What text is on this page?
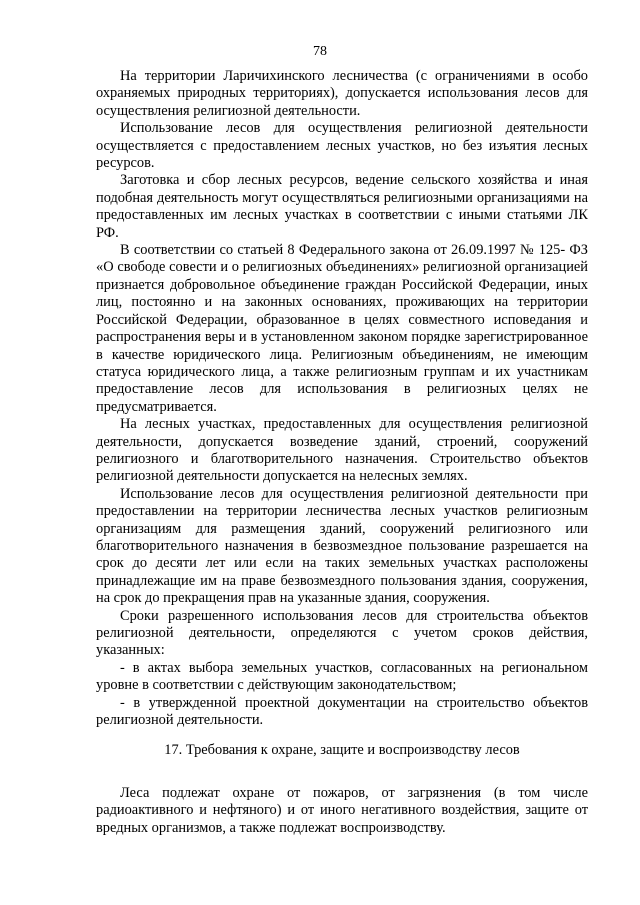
78

На территории Ларичихинского лесничества (с ограничениями в особо охраняемых природных территориях), допускается использования лесов для осуществления религиозной деятельности.

Использование лесов для осуществления религиозной деятельности осуществляется с предоставлением лесных участков, но без изъятия лесных ресурсов.

Заготовка и сбор лесных ресурсов, ведение сельского хозяйства и иная подобная деятельность могут осуществляться религиозными организациями на предоставленных им лесных участках в соответствии с иными статьями ЛК РФ.

В соответствии со статьей 8 Федерального закона от 26.09.1997 № 125- ФЗ «О свободе совести и о религиозных объединениях» религиозной организацией признается добровольное объединение граждан Российской Федерации, иных лиц, постоянно и на законных основаниях, проживающих на территории Российской Федерации, образованное в целях совместного исповедания и распространения веры и в установленном законом порядке зарегистрированное в качестве юридического лица. Религиозным объединениям, не имеющим статуса юридического лица, а также религиозным группам и их участникам предоставление лесов для использования в религиозных целях не предусматривается.

На лесных участках, предоставленных для осуществления религиозной деятельности, допускается возведение зданий, строений, сооружений религиозного и благотворительного назначения. Строительство объектов религиозной деятельности допускается на нелесных землях.

Использование лесов для осуществления религиозной деятельности при предоставлении на территории лесничества лесных участков религиозным организациям для размещения зданий, сооружений религиозного или благотворительного назначения в безвозмездное пользование разрешается на срок до десяти лет или если на таких земельных участках расположены принадлежащие им на праве безвозмездного пользования здания, сооружения, на срок до прекращения прав на указанные здания, сооружения.

Сроки разрешенного использования лесов для строительства объектов религиозной деятельности, определяются с учетом сроков действия, указанных:

- в актах выбора земельных участков, согласованных на региональном уровне в соответствии с действующим законодательством;

- в утвержденной проектной документации на строительство объектов религиозной деятельности.

17. Требования к охране, защите и воспроизводству лесов

Леса подлежат охране от пожаров, от загрязнения (в том числе радиоактивного и нефтяного) и от иного негативного воздействия, защите от вредных организмов, а также подлежат воспроизводству.
